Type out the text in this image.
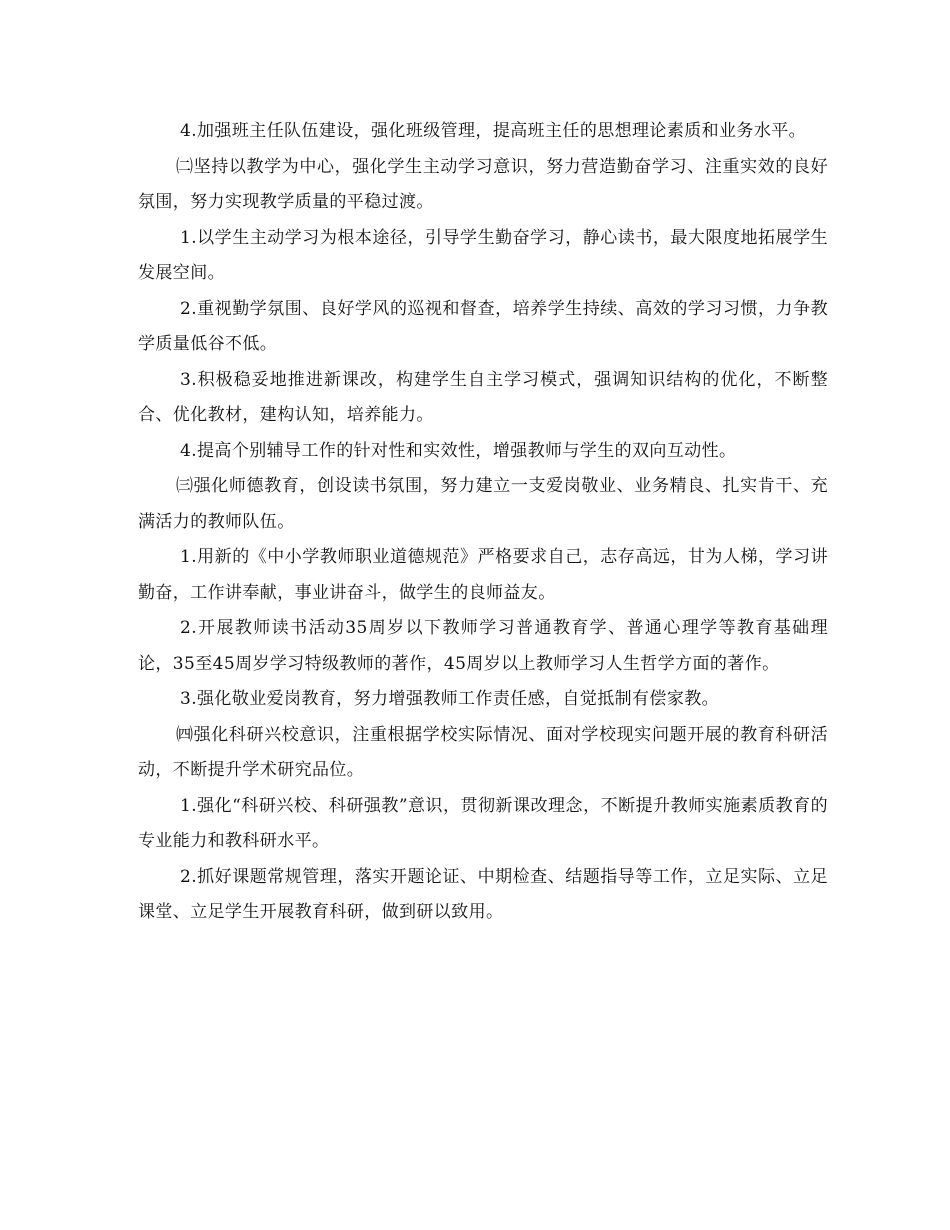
4.加强班主任队伍建设，强化班级管理，提高班主任的思想理论素质和业务水平。

㈡坚持以教学为中心，强化学生主动学习意识，努力营造勤奋学习、注重实效的良好氛围，努力实现教学质量的平稳过渡。

1.以学生主动学习为根本途径，引导学生勤奋学习，静心读书，最大限度地拓展学生发展空间。

2.重视勤学氛围、良好学风的巡视和督查，培养学生持续、高效的学习习惯，力争教学质量低谷不低。

3.积极稳妥地推进新课改，构建学生自主学习模式，强调知识结构的优化，不断整合、优化教材，建构认知，培养能力。

4.提高个别辅导工作的针对性和实效性，增强教师与学生的双向互动性。

㈢强化师德教育，创设读书氛围，努力建立一支爱岗敬业、业务精良、扎实肯干、充满活力的教师队伍。

1.用新的《中小学教师职业道德规范》严格要求自己，志存高远，甘为人梯，学习讲勤奋，工作讲奉献，事业讲奋斗，做学生的良师益友。

2.开展教师读书活动35周岁以下教师学习普通教育学、普通心理学等教育基础理论，35至45周岁学习特级教师的著作，45周岁以上教师学习人生哲学方面的著作。

3.强化敬业爱岗教育，努力增强教师工作责任感，自觉抵制有偿家教。

㈣强化科研兴校意识，注重根据学校实际情况、面对学校现实问题开展的教育科研活动，不断提升学术研究品位。

1.强化“科研兴校、科研强教”意识，贯彻新课改理念，不断提升教师实施素质教育的专业能力和教科研水平。

2.抓好课题常规管理，落实开题论证、中期检查、结题指导等工作，立足实际、立足课堂、立足学生开展教育科研，做到研以致用。
